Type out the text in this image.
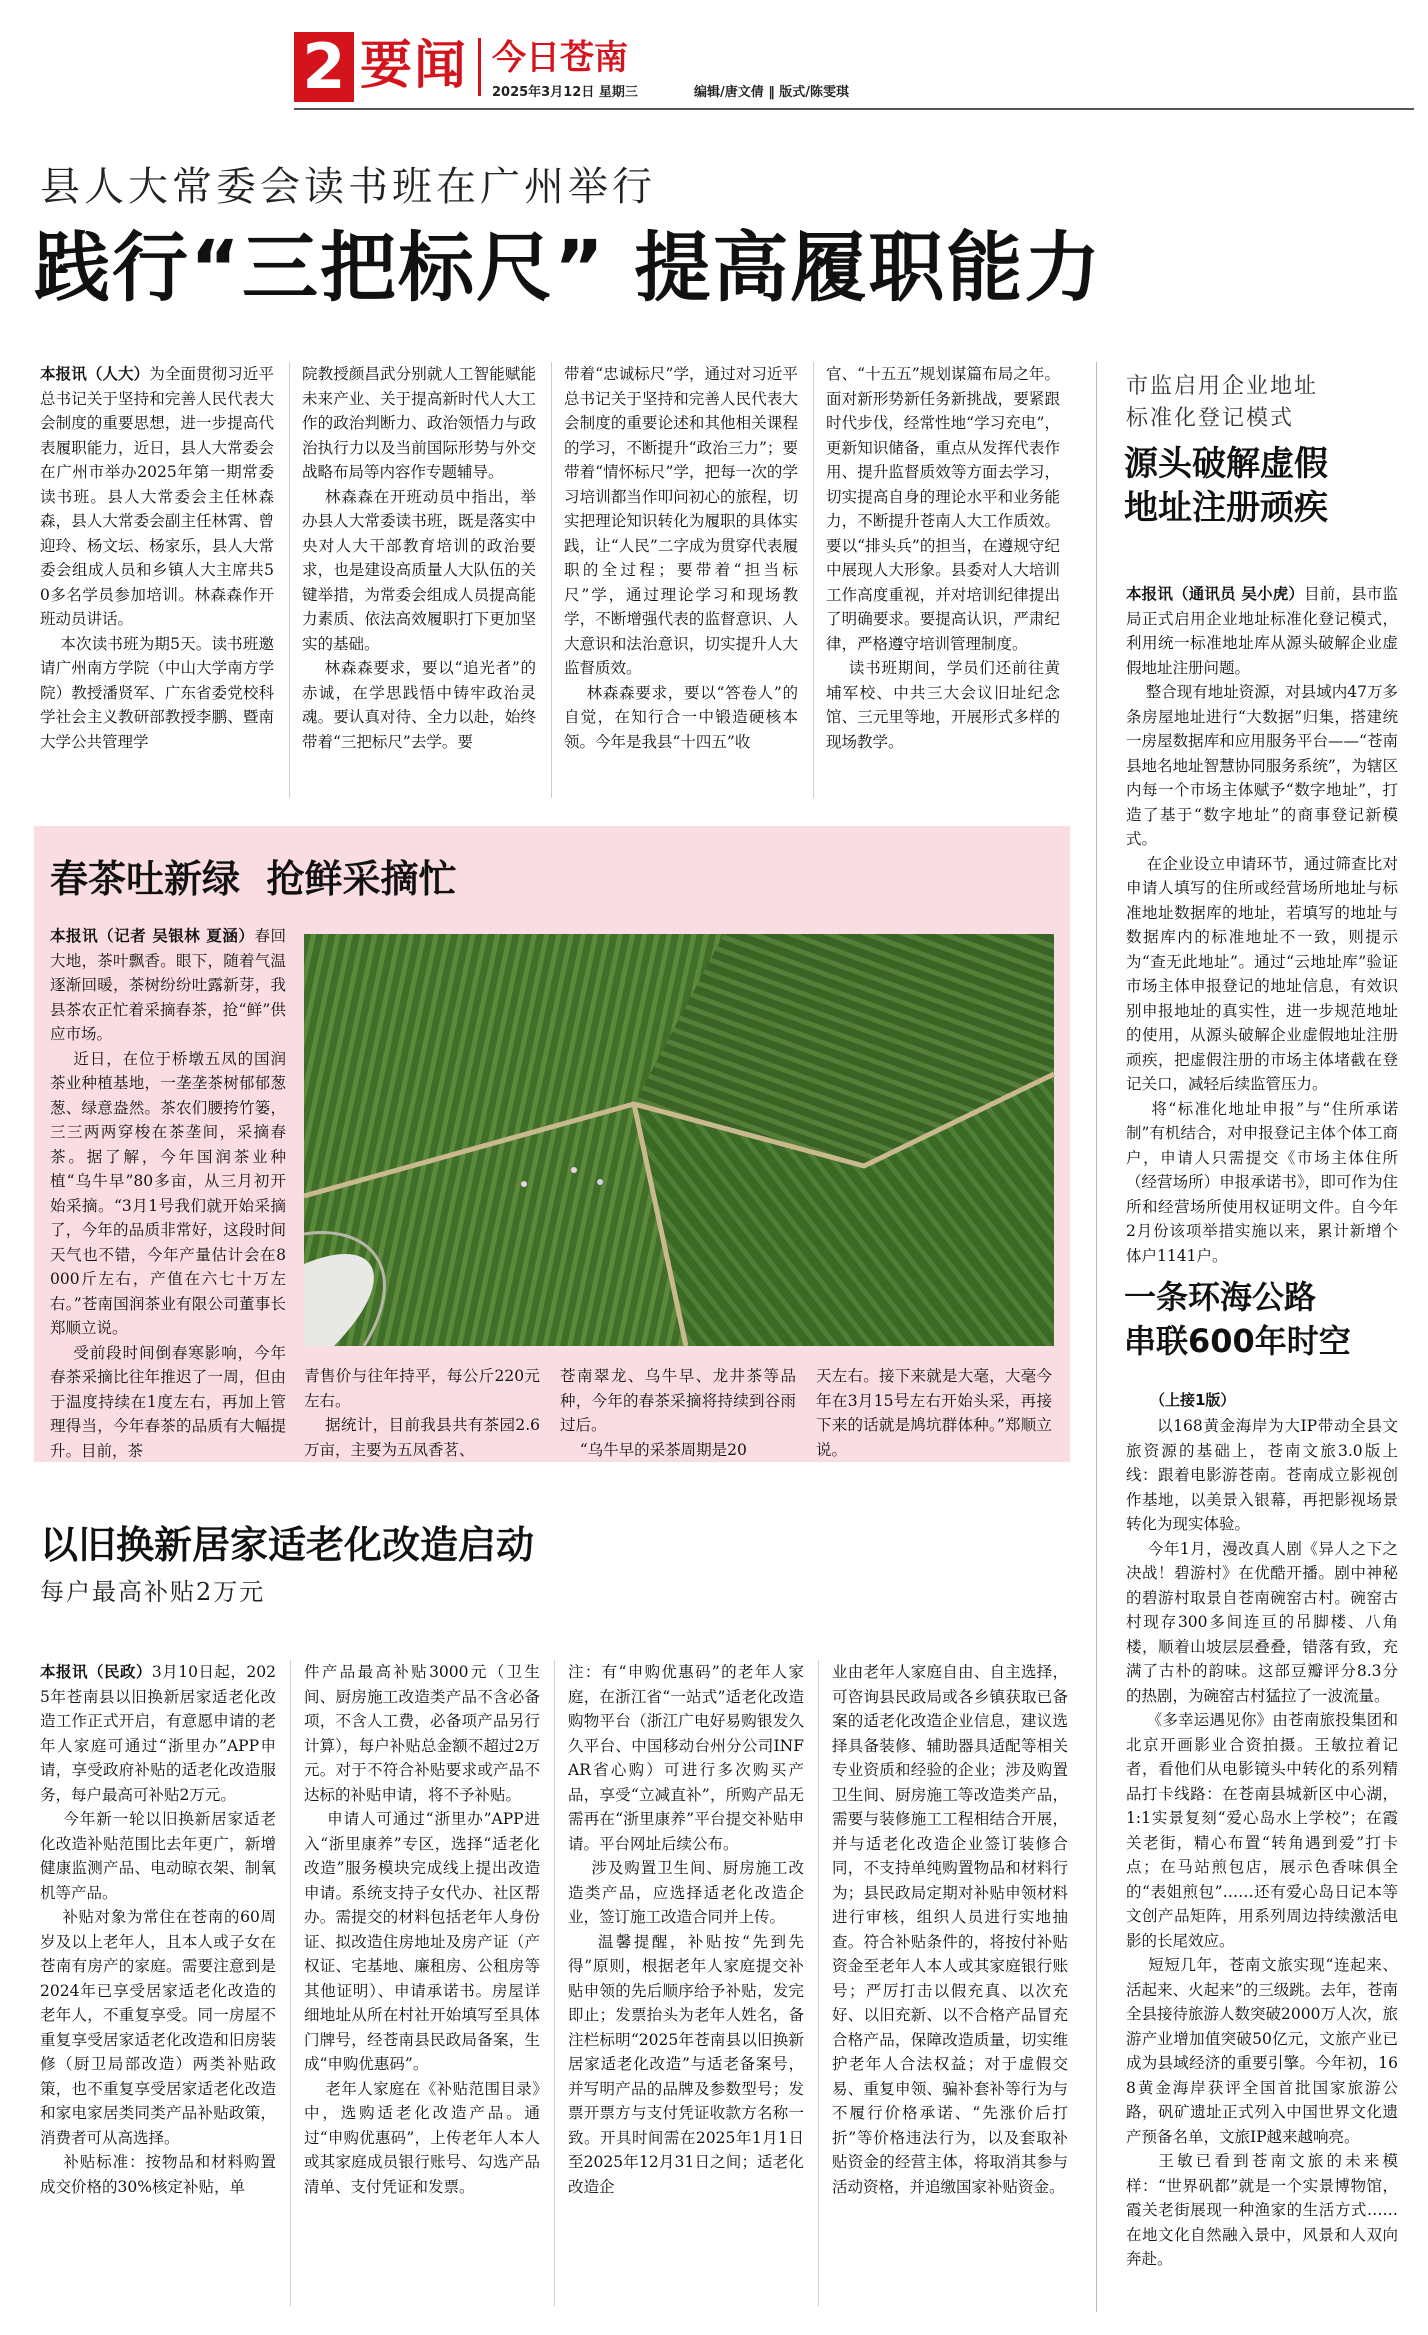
2 要闻 今日苍南
2025年3月12日 星期三	编辑/唐文倩 ‖ 版式/陈雯琪
县人大常委会读书班在广州举行
践行“三把标尺” 提高履职能力
本报讯（人大）为全面贯彻习近平总书记关于坚持和完善人民代表大会制度的重要思想，进一步提高代表履职能力，近日，县人大常委会在广州市举办2025年第一期常委读书班。县人大常委会主任林森森，县人大常委会副主任林霄、曾迎玲、杨文坛、杨家乐，县人大常委会组成人员和乡镇人大主席共50多名学员参加培训。林森森作开班动员讲话。
本次读书班为期5天。读书班邀请广州南方学院（中山大学南方学院）教授潘贤军、广东省委党校科学社会主义教研部教授李鹏、暨南大学公共管理学
院教授颜昌武分别就人工智能赋能未来产业、关于提高新时代人大工作的政治判断力、政治领悟力与政治执行力以及当前国际形势与外交战略布局等内容作专题辅导。
林森森在开班动员中指出，举办县人大常委读书班，既是落实中央对人大干部教育培训的政治要求，也是建设高质量人大队伍的关键举措，为常委会组成人员提高能力素质、依法高效履职打下更加坚实的基础。
林森森要求，要以“追光者”的赤诚，在学思践悟中铸牢政治灵魂。要认真对待、全力以赴，始终带着“三把标尺”去学。要
带着“忠诚标尺”学，通过对习近平总书记关于坚持和完善人民代表大会制度的重要论述和其他相关课程的学习，不断提升“政治三力”；要带着“情怀标尺”学，把每一次的学习培训都当作叩问初心的旅程，切实把理论知识转化为履职的具体实践，让“人民”二字成为贯穿代表履职的全过程；要带着“担当标尺”学，通过理论学习和现场教学，不断增强代表的监督意识、人大意识和法治意识，切实提升人大监督质效。
林森森要求，要以“答卷人”的自觉，在知行合一中锻造硬核本领。今年是我县“十四五”收
官、“十五五”规划谋篇布局之年。面对新形势新任务新挑战，要紧跟时代步伐，经常性地“学习充电”，更新知识储备，重点从发挥代表作用、提升监督质效等方面去学习，切实提高自身的理论水平和业务能力，不断提升苍南人大工作质效。要以“排头兵”的担当，在遵规守纪中展现人大形象。县委对人大培训工作高度重视，并对培训纪律提出了明确要求。要提高认识，严肃纪律，严格遵守培训管理制度。
读书班期间，学员们还前往黄埔军校、中共三大会议旧址纪念馆、三元里等地，开展形式多样的现场教学。
市监启用企业地址
标准化登记模式
源头破解虚假
地址注册顽疾
本报讯（通讯员 吴小虎）目前，县市监局正式启用企业地址标准化登记模式，利用统一标准地址库从源头破解企业虚假地址注册问题。
整合现有地址资源，对县域内47万多条房屋地址进行“大数据”归集，搭建统一房屋数据库和应用服务平台——“苍南县地名地址智慧协同服务系统”，为辖区内每一个市场主体赋予“数字地址”，打造了基于“数字地址”的商事登记新模式。
在企业设立申请环节，通过筛查比对申请人填写的住所或经营场所地址与标准地址数据库的地址，若填写的地址与数据库内的标准地址不一致，则提示为“查无此地址”。通过“云地址库”验证市场主体申报登记的地址信息，有效识别申报地址的真实性，进一步规范地址的使用，从源头破解企业虚假地址注册顽疾，把虚假注册的市场主体堵截在登记关口，减轻后续监管压力。
将“标准化地址申报”与“住所承诺制”有机结合，对申报登记主体个体工商户，申请人只需提交《市场主体住所（经营场所）申报承诺书》，即可作为住所和经营场所使用权证明文件。自今年2月份该项举措实施以来，累计新增个体户1141户。
一条环海公路
串联600年时空
（上接1版）
以168黄金海岸为大IP带动全县文旅资源的基础上，苍南文旅3.0版上线：跟着电影游苍南。苍南成立影视创作基地，以美景入银幕，再把影视场景转化为现实体验。
今年1月，漫改真人剧《异人之下之决战！碧游村》在优酷开播。剧中神秘的碧游村取景自苍南碗窑古村。碗窑古村现存300多间连亘的吊脚楼、八角楼，顺着山坡层层叠叠，错落有致，充满了古朴的韵味。这部豆瓣评分8.3分的热剧，为碗窑古村猛拉了一波流量。
《多幸运遇见你》由苍南旅投集团和北京开画影业合资拍摄。王敏拉着记者，看他们从电影镜头中转化的系列精品打卡线路：在苍南县城新区中心湖，1:1实景复刻“爱心岛水上学校”；在霞关老街，精心布置“转角遇到爱”打卡点；在马站煎包店，展示色香味俱全的“表姐煎包”……还有爱心岛日记本等文创产品矩阵，用系列周边持续激活电影的长尾效应。
短短几年，苍南文旅实现“连起来、活起来、火起来”的三级跳。去年，苍南全县接待旅游人数突破2000万人次，旅游产业增加值突破50亿元，文旅产业已成为县域经济的重要引擎。今年初，168黄金海岸获评全国首批国家旅游公路，矾矿遗址正式列入中国世界文化遗产预备名单，文旅IP越来越响亮。
王敏已看到苍南文旅的未来模样：“世界矾都”就是一个实景博物馆，霞关老街展现一种渔家的生活方式……在地文化自然融入景中，风景和人双向奔赴。
春茶吐新绿  抢鲜采摘忙
本报讯（记者 吴银林 夏涵）春回大地，茶叶飘香。眼下，随着气温逐渐回暖，茶树纷纷吐露新芽，我县茶农正忙着采摘春茶，抢“鲜”供应市场。
近日，在位于桥墩五凤的国润茶业种植基地，一垄垄茶树郁郁葱葱、绿意盎然。茶农们腰挎竹篓，三三两两穿梭在茶垄间，采摘春茶。据了解，今年国润茶业种植“乌牛早”80多亩，从三月初开始采摘。“3月1号我们就开始采摘了，今年的品质非常好，这段时间天气也不错，今年产量估计会在8000斤左右，产值在六七十万左右。”苍南国润茶业有限公司董事长郑顺立说。
受前段时间倒春寒影响，今年春茶采摘比往年推迟了一周，但由于温度持续在1度左右，再加上管理得当，今年春茶的品质有大幅提升。目前，茶
青售价与往年持平，每公斤220元左右。
据统计，目前我县共有茶园2.6万亩，主要为五凤香茗、
苍南翠龙、乌牛早、龙井茶等品种，今年的春茶采摘将持续到谷雨过后。
“乌牛早的采茶周期是20
天左右。接下来就是大毫，大毫今年在3月15号左右开始头采，再接下来的话就是鸠坑群体种。”郑顺立说。
以旧换新居家适老化改造启动
每户最高补贴2万元
本报讯（民政）3月10日起，2025年苍南县以旧换新居家适老化改造工作正式开启，有意愿申请的老年人家庭可通过“浙里办”APP申请，享受政府补贴的适老化改造服务，每户最高可补贴2万元。
今年新一轮以旧换新居家适老化改造补贴范围比去年更广，新增健康监测产品、电动晾衣架、制氧机等产品。
补贴对象为常住在苍南的60周岁及以上老年人，且本人或子女在苍南有房产的家庭。需要注意到是2024年已享受居家适老化改造的老年人，不重复享受。同一房屋不重复享受居家适老化改造和旧房装修（厨卫局部改造）两类补贴政策，也不重复享受居家适老化改造和家电家居类同类产品补贴政策，消费者可从高选择。
补贴标准：按物品和材料购置成交价格的30%核定补贴，单
件产品最高补贴3000元（卫生间、厨房施工改造类产品不含必备项，不含人工费，必备项产品另行计算），每户补贴总金额不超过2万元。对于不符合补贴要求或产品不达标的补贴申请，将不予补贴。
申请人可通过“浙里办”APP进入“浙里康养”专区，选择“适老化改造”服务模块完成线上提出改造申请。系统支持子女代办、社区帮办。需提交的材料包括老年人身份证、拟改造住房地址及房产证（产权证、宅基地、廉租房、公租房等其他证明）、申请承诺书。房屋详细地址从所在村社开始填写至具体门牌号，经苍南县民政局备案，生成“申购优惠码”。
老年人家庭在《补贴范围目录》中，选购适老化改造产品。通过“申购优惠码”，上传老年人本人或其家庭成员银行账号、勾选产品清单、支付凭证和发票。
注：有“申购优惠码”的老年人家庭，在浙江省“一站式”适老化改造购物平台（浙江广电好易购银发久久平台、中国移动台州分公司INFAR省心购）可进行多次购买产品，享受“立减直补”，所购产品无需再在“浙里康养”平台提交补贴申请。平台网址后续公布。
涉及购置卫生间、厨房施工改造类产品，应选择适老化改造企业，签订施工改造合同并上传。
温馨提醒，补贴按“先到先得”原则，根据老年人家庭提交补贴申领的先后顺序给予补贴，发完即止；发票抬头为老年人姓名，备注栏标明“2025年苍南县以旧换新居家适老化改造”与适老备案号，并写明产品的品牌及参数型号；发票开票方与支付凭证收款方名称一致。开具时间需在2025年1月1日至2025年12月31日之间；适老化改造企
业由老年人家庭自由、自主选择，可咨询县民政局或各乡镇获取已备案的适老化改造企业信息，建议选择具备装修、辅助器具适配等相关专业资质和经验的企业；涉及购置卫生间、厨房施工等改造类产品，需要与装修施工工程相结合开展，并与适老化改造企业签订装修合同，不支持单纯购置物品和材料行为；县民政局定期对补贴申领材料进行审核，组织人员进行实地抽查。符合补贴条件的，将按付补贴资金至老年人本人或其家庭银行账号；严厉打击以假充真、以次充好、以旧充新、以不合格产品冒充合格产品，保障改造质量，切实维护老年人合法权益；对于虚假交易、重复申领、骗补套补等行为与不履行价格承诺、“先涨价后打折”等价格违法行为，以及套取补贴资金的经营主体，将取消其参与活动资格，并追缴国家补贴资金。
